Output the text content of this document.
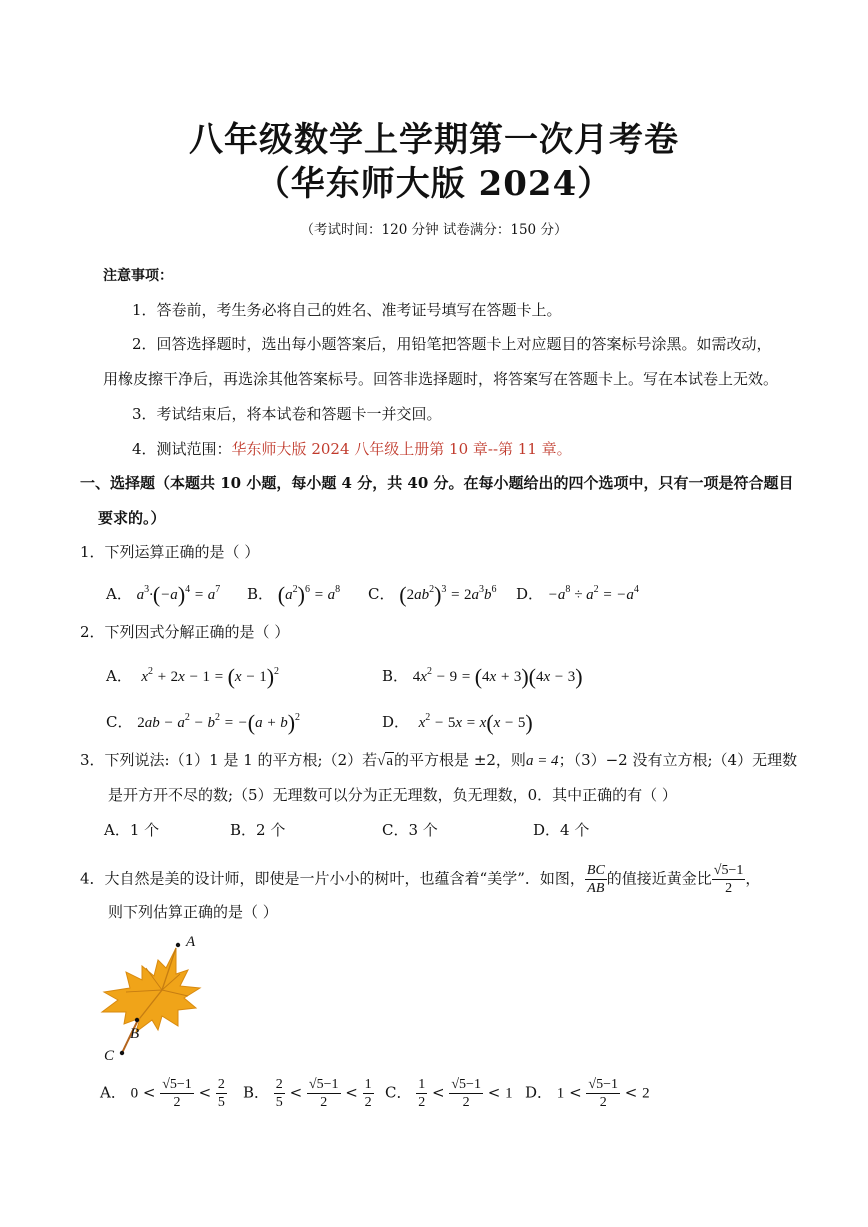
八年级数学上学期第一次月考卷
（华东师大版 2024）
（考试时间：120 分钟 试卷满分：150 分）
注意事项：
1．答卷前，考生务必将自己的姓名、准考证号填写在答题卡上。
2．回答选择题时，选出每小题答案后，用铅笔把答题卡上对应题目的答案标号涂黑。如需改动，
用橡皮擦干净后，再选涂其他答案标号。回答非选择题时，将答案写在答题卡上。写在本试卷上无效。
3．考试结束后，将本试卷和答题卡一并交回。
4．测试范围：华东师大版 2024 八年级上册第 10 章--第 11 章。
一、选择题（本题共 10 小题，每小题 4 分，共 40 分。在每小题给出的四个选项中，只有一项是符合题目
要求的。）
1．下列运算正确的是（ ）
A． $a^3\cdot(-a)^4 = a^7$ B． $(a^2)^6 = a^8$ C． $(2ab^2)^3 = 2a^3b^6$ D． $-a^8 \div a^2 = -a^4$
2．下列因式分解正确的是（ ）
A．  $x^2 + 2x - 1 = (x - 1)^2$	B． $4x^2 - 9 = (4x + 3)(4x - 3)$
C． $2ab - a^2 - b^2 = -(a + b)^2$	D．  $x^2 - 5x = x(x - 5)$
3．下列说法:（1）1 是 1 的平方根;（2）若√a的平方根是 ±2，则a = 4；（3）−2 没有立方根;（4）无理数
是开方开不尽的数;（5）无理数可以分为正无理数，负无理数，0．其中正确的有（ ）
A．1 个	B．2 个	C．3 个	D．4 个
4．大自然是美的设计师，即使是一片小小的树叶，也蕴含着“美学”．如图， $\frac{BC}{AB}$ 的值接近黄金比 $\frac{√5-1}{2}$ ，
则下列估算正确的是（ ）
A
B
C
A． $0 < \frac{√5-1}{2} < \frac{2}{5}$ B． $\frac{2}{5} < \frac{√5-1}{2} < \frac{1}{2}$ C． $\frac{1}{2} < \frac{√5-1}{2} < 1$ D． $1 < \frac{√5-1}{2} < 2$
